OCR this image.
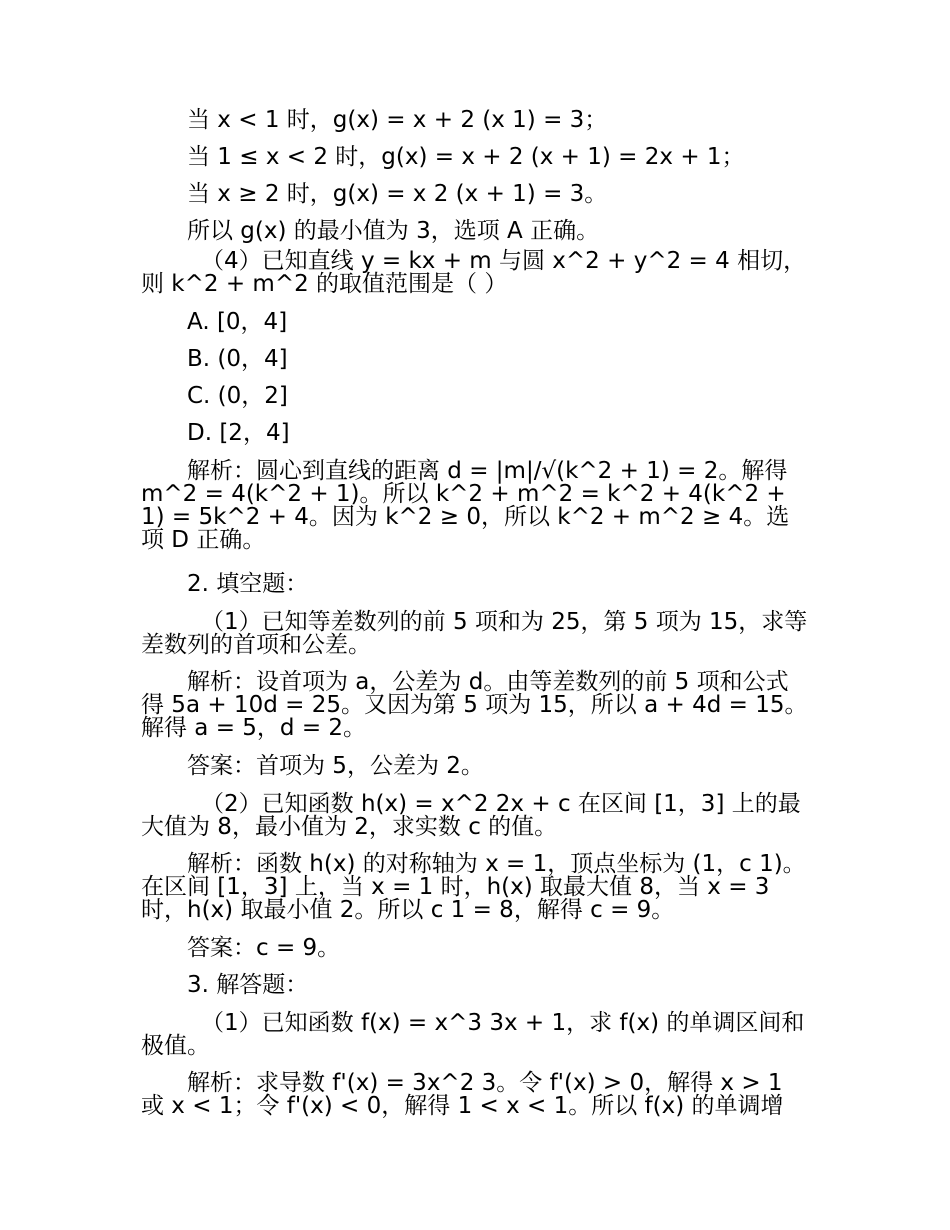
当 x < 1 时，g(x) = x + 2 (x 1) = 3；

当 1 ≤ x < 2 时，g(x) = x + 2 (x + 1) = 2x + 1；

当 x ≥ 2 时，g(x) = x 2 (x + 1) = 3。

所以 g(x) 的最小值为 3，选项 A 正确。

（4）已知直线 y = kx + m 与圆 x^2 + y^2 = 4 相切，则 k^2 + m^2 的取值范围是（ ）

A. [0，4]

B. (0，4]

C. (0，2]

D. [2，4]

解析：圆心到直线的距离 d = |m|/√(k^2 + 1) = 2。解得 m^2 = 4(k^2 + 1)。所以 k^2 + m^2 = k^2 + 4(k^2 + 1) = 5k^2 + 4。因为 k^2 ≥ 0，所以 k^2 + m^2 ≥ 4。选项 D 正确。

2. 填空题：

（1）已知等差数列的前 5 项和为 25，第 5 项为 15，求等差数列的首项和公差。

解析：设首项为 a，公差为 d。由等差数列的前 5 项和公式得 5a + 10d = 25。又因为第 5 项为 15，所以 a + 4d = 15。解得 a = 5，d = 2。

答案：首项为 5，公差为 2。

（2）已知函数 h(x) = x^2 2x + c 在区间 [1，3] 上的最大值为 8，最小值为 2，求实数 c 的值。

解析：函数 h(x) 的对称轴为 x = 1，顶点坐标为 (1，c 1)。在区间 [1，3] 上，当 x = 1 时，h(x) 取最大值 8，当 x = 3 时，h(x) 取最小值 2。所以 c 1 = 8，解得 c = 9。

答案：c = 9。

3. 解答题：

（1）已知函数 f(x) = x^3 3x + 1，求 f(x) 的单调区间和极值。

解析：求导数 f'(x) = 3x^2 3。令 f'(x) > 0，解得 x > 1 或 x < 1；令 f'(x) < 0，解得 1 < x < 1。所以 f(x) 的单调增
